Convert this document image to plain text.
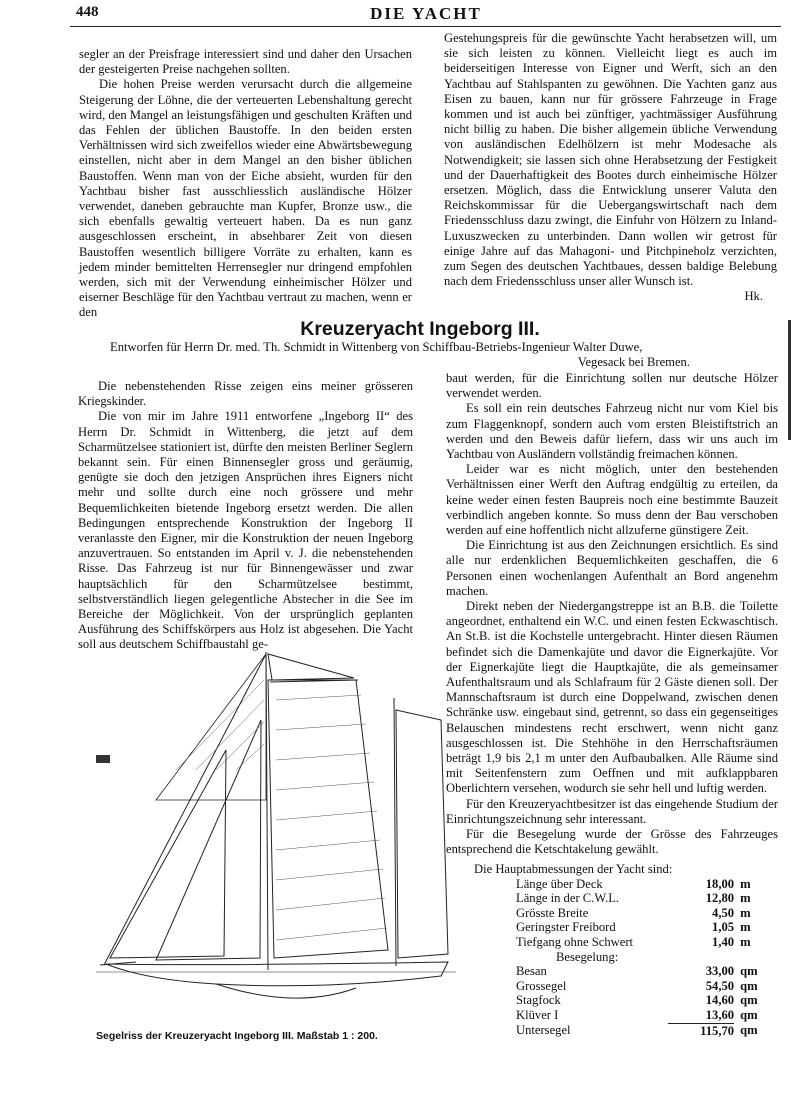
448	DIE YACHT

segler an der Preisfrage interessiert sind und daher den Ursachen der gesteigerten Preise nachgehen sollten.

Die hohen Preise werden verursacht durch die allgemeine Steigerung der Löhne, die der verteuerten Lebenshaltung gerecht wird, den Mangel an leistungsfähigen und geschulten Kräften und das Fehlen der üblichen Baustoffe. In den beiden ersten Verhältnissen wird sich zweifellos wieder eine Abwärtsbewegung einstellen, nicht aber in dem Mangel an den bisher üblichen Baustoffen. Wenn man von der Eiche absieht, wurden für den Yachtbau bisher fast ausschliesslich ausländische Hölzer verwendet, daneben gebrauchte man Kupfer, Bronze usw., die sich ebenfalls gewaltig verteuert haben. Da es nun ganz ausgeschlossen erscheint, in absehbarer Zeit von diesen Baustoffen wesentlich billigere Vorräte zu erhalten, kann es jedem minder bemittelten Herrensegler nur dringend empfohlen werden, sich mit der Verwendung einheimischer Hölzer und eiserner Beschläge für den Yachtbau vertraut zu machen, wenn er den

Gestehungspreis für die gewünschte Yacht herabsetzen will, um sie sich leisten zu können. Vielleicht liegt es auch im beiderseitigen Interesse von Eigner und Werft, sich an den Yachtbau auf Stahlspanten zu gewöhnen. Die Yachten ganz aus Eisen zu bauen, kann nur für grössere Fahrzeuge in Frage kommen und ist auch bei zünftiger, yachtmässiger Ausführung nicht billig zu haben. Die bisher allgemein übliche Verwendung von ausländischen Edelhölzern ist mehr Modesache als Notwendigkeit; sie lassen sich ohne Herabsetzung der Festigkeit und der Dauerhaftigkeit des Bootes durch einheimische Hölzer ersetzen. Möglich, dass die Entwicklung unserer Valuta den Reichskommissar für die Uebergangswirtschaft nach dem Friedensschluss dazu zwingt, die Einfuhr von Hölzern zu Inland-Luxuszwecken zu unterbinden. Dann wollen wir getrost für einige Jahre auf das Mahagoni- und Pitchpineholz verzichten, zum Segen des deutschen Yachtbaues, dessen baldige Belebung nach dem Friedensschluss unser aller Wunsch ist.

Hk.

Kreuzeryacht Ingeborg III.
Entworfen für Herrn Dr. med. Th. Schmidt in Wittenberg von Schiffbau-Betriebs-Ingenieur Walter Duwe,
Vegesack bei Bremen.

Die nebenstehenden Risse zeigen eins meiner grösseren Kriegskinder.

Die von mir im Jahre 1911 entworfene „Ingeborg II“ des Herrn Dr. Schmidt in Wittenberg, die jetzt auf dem Scharmützelsee stationiert ist, dürfte den meisten Berliner Seglern bekannt sein. Für einen Binnensegler gross und geräumig, genügte sie doch den jetzigen Ansprüchen ihres Eigners nicht mehr und sollte durch eine noch grössere und mehr Bequemlichkeiten bietende Ingeborg ersetzt werden. Die allen Bedingungen entsprechende Konstruktion der Ingeborg II veranlasste den Eigner, mir die Konstruktion der neuen Ingeborg anzuvertrauen. So entstanden im April v. J. die nebenstehenden Risse. Das Fahrzeug ist nur für Binnengewässer und zwar hauptsächlich für den Scharmützelsee bestimmt, selbstverständlich liegen gelegentliche Abstecher in die See im Bereiche der Möglichkeit. Von der ursprünglich geplanten Ausführung des Schiffskörpers aus Holz ist abgesehen. Die Yacht soll aus deutschem Schiffbaustahl ge-

baut werden, für die Einrichtung sollen nur deutsche Hölzer verwendet werden.

Es soll ein rein deutsches Fahrzeug nicht nur vom Kiel bis zum Flaggenknopf, sondern auch vom ersten Bleistiftstrich an werden und den Beweis dafür liefern, dass wir uns auch im Yachtbau von Ausländern vollständig freimachen können.

Leider war es nicht möglich, unter den bestehenden Verhältnissen einer Werft den Auftrag endgültig zu erteilen, da keine weder einen festen Baupreis noch eine bestimmte Bauzeit verbindlich angeben konnte. So muss denn der Bau verschoben werden auf eine hoffentlich nicht allzuferne günstigere Zeit.

Die Einrichtung ist aus den Zeichnungen ersichtlich. Es sind alle nur erdenklichen Bequemlichkeiten geschaffen, die 6 Personen einen wochenlangen Aufenthalt an Bord angenehm machen.

Direkt neben der Niedergangstreppe ist an B.B. die Toilette angeordnet, enthaltend ein W.C. und einen festen Eckwaschtisch. An St.B. ist die Kochstelle untergebracht. Hinter diesen Räumen befindet sich die Damenkajüte und davor die Eignerkajüte. Vor der Eignerkajüte liegt die Hauptkajüte, die als gemeinsamer Aufenthaltsraum und als Schlafraum für 2 Gäste dienen soll. Der Mannschaftsraum ist durch eine Doppelwand, zwischen denen Schränke usw. eingebaut sind, getrennt, so dass ein gegenseitiges Belauschen mindestens recht erschwert, wenn nicht ganz ausgeschlossen ist. Die Stehhöhe in den Herrschaftsräumen beträgt 1,9 bis 2,1 m unter den Aufbaubalken. Alle Räume sind mit Seitenfenstern zum Oeffnen und mit aufklappbaren Oberlichtern versehen, wodurch sie sehr hell und luftig werden.

Für den Kreuzeryachtbesitzer ist das eingehende Studium der Einrichtungszeichnung sehr interessant.

Für die Besegelung wurde der Grösse des Fahrzeuges entsprechend die Ketschtakelung gewählt.

Die Hauptabmessungen der Yacht sind:
Länge über Deck	18,00 m
Länge in der C.W.L.	12,80 m
Grösste Breite	4,50 m
Geringster Freibord	1,05 m
Tiefgang ohne Schwert	1,40 m
Besegelung:
Besan	33,00 qm
Grossegel	54,50 qm
Stagfock	14,60 qm
Klüver I	13,60 qm
Untersegel	115,70 qm
Segelriss der Kreuzeryacht Ingeborg III. Maßstab 1 : 200.
